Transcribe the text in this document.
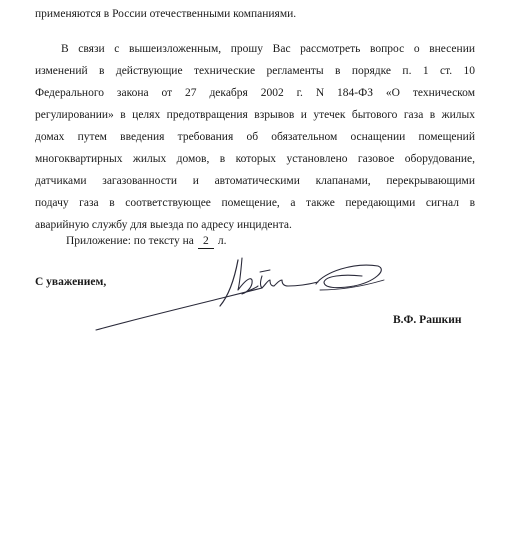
применяются в России отечественными компаниями.
В связи с вышеизложенным, прошу Вас рассмотреть вопрос о внесении
изменений в действующие технические регламенты в порядке п. 1 ст. 10
Федерального закона от 27 декабря 2002 г. N 184-ФЗ «О техническом
регулировании» в целях предотвращения взрывов и утечек бытового газа в жилых
домах путем введения требования об обязательном оснащении помещений
многоквартирных жилых домов, в которых установлено газовое оборудование,
датчиками загазованности и автоматическими клапанами, перекрывающими
подачу газа в соответствующее помещение, а также передающими сигнал в
аварийную службу для выезда по адресу инцидента.
Приложение: по тексту на 2 л.
С уважением,
В.Ф. Рашкин
